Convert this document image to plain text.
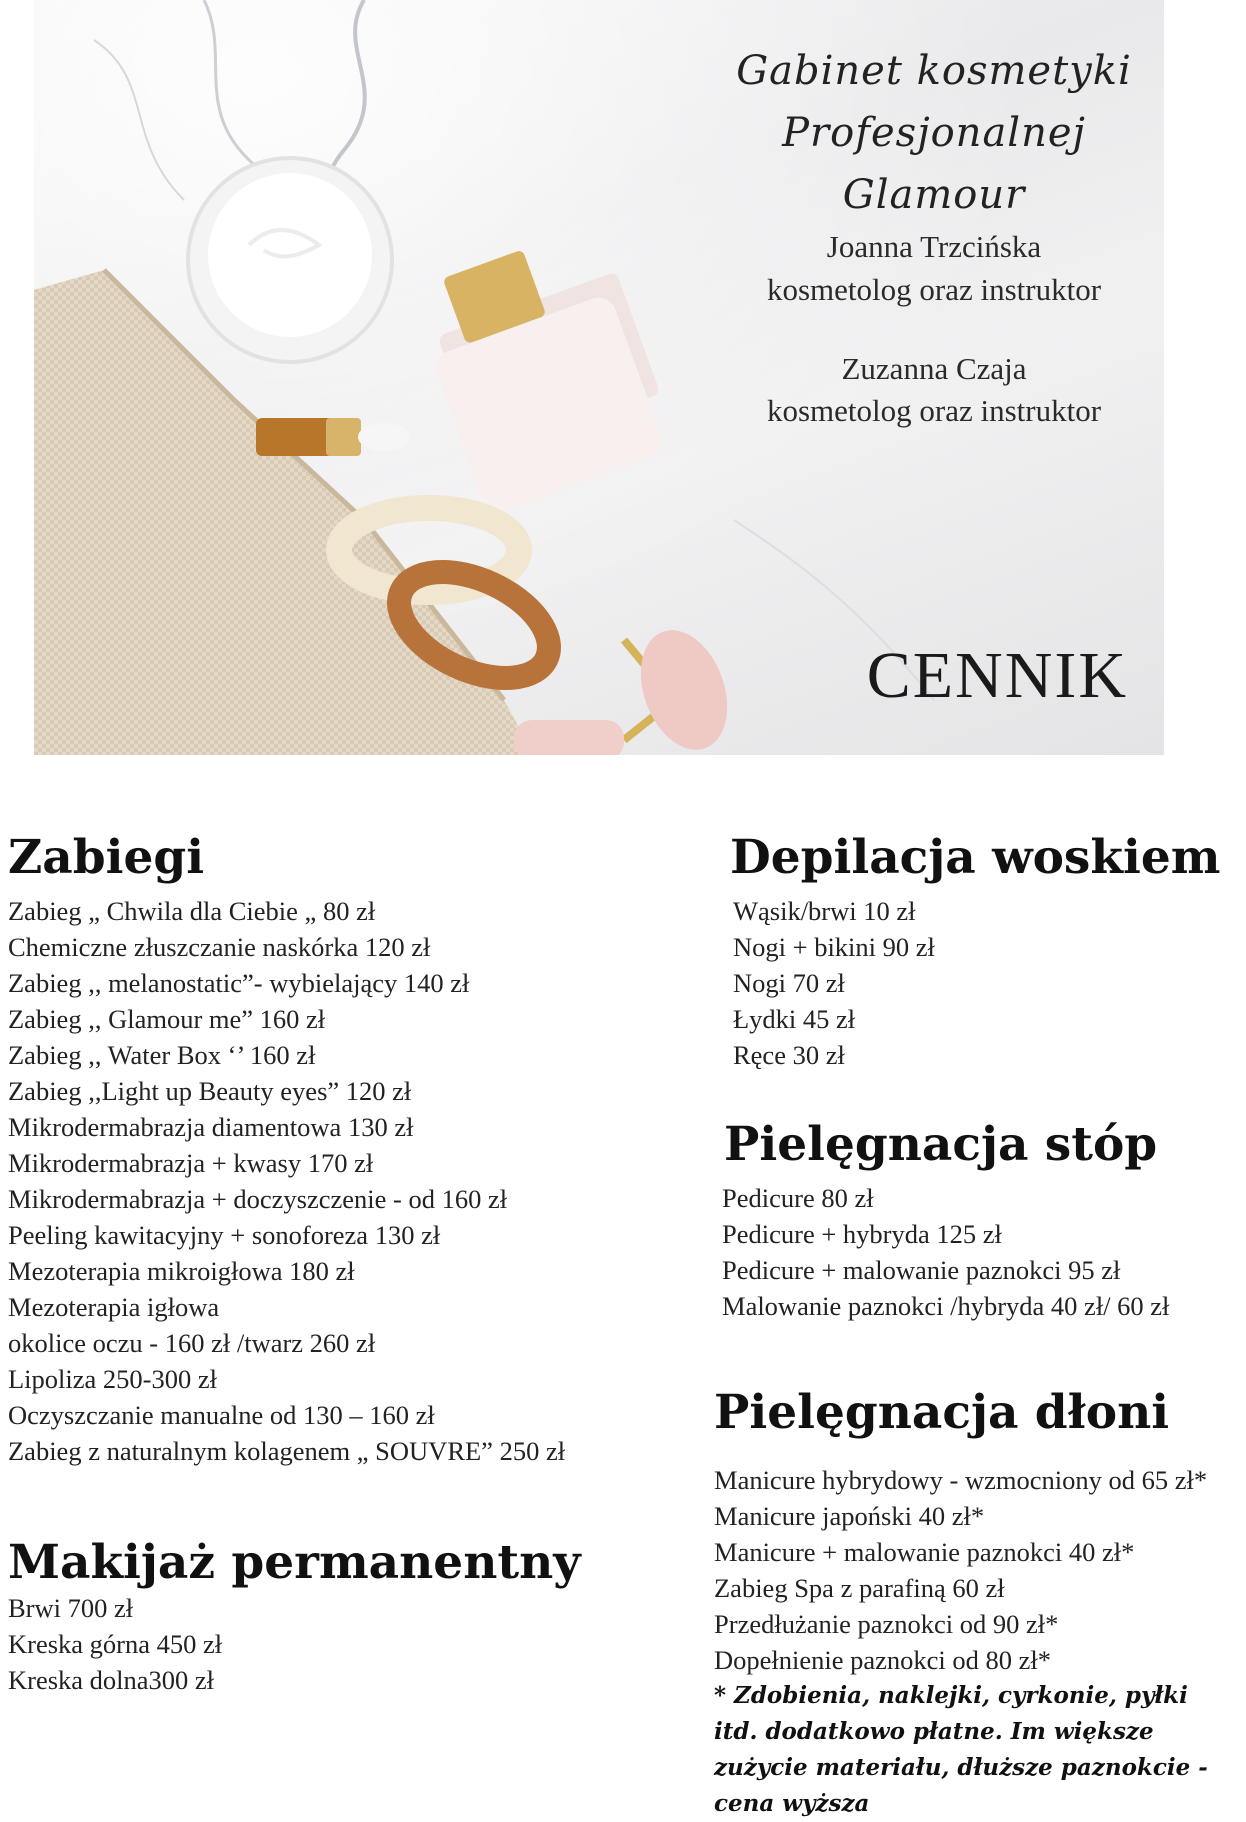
Gabinet kosmetyki
Profesjonalnej Glamour
Joanna Trzcińska
kosmetolog oraz instruktor
Zuzanna Czaja
kosmetolog oraz instruktor
CENNIK
Zabiegi
Zabieg „ Chwila dla Ciebie „ 80 zł
Chemiczne złuszczanie naskórka 120 zł
Zabieg ,, melanostatic”- wybielający 140 zł
Zabieg ,, Glamour me” 160 zł
Zabieg ,, Water Box ‘’ 160 zł
Zabieg ,,Light up Beauty eyes” 120 zł
Mikrodermabrazja diamentowa 130 zł
Mikrodermabrazja + kwasy 170 zł
Mikrodermabrazja + doczyszczenie - od 160 zł
Peeling kawitacyjny + sonoforeza 130 zł
Mezoterapia mikroigłowa 180 zł
Mezoterapia igłowa
okolice oczu - 160 zł /twarz 260 zł
Lipoliza 250-300 zł
Oczyszczanie manualne od 130 – 160 zł
Zabieg z naturalnym kolagenem „ SOUVRE” 250 zł
Makijaż permanentny
Brwi 700 zł
Kreska górna 450 zł
Kreska dolna300 zł
Depilacja woskiem
Wąsik/brwi 10 zł
Nogi + bikini 90 zł
Nogi 70 zł
Łydki 45 zł
Ręce 30 zł
Pielęgnacja stóp
Pedicure 80 zł
Pedicure + hybryda 125 zł
Pedicure + malowanie paznokci 95 zł
Malowanie paznokci /hybryda 40 zł/ 60 zł
Pielęgnacja dłoni
Manicure hybrydowy - wzmocniony od 65 zł*
Manicure japoński 40 zł*
Manicure + malowanie paznokci 40 zł*
Zabieg Spa z parafiną 60 zł
Przedłużanie paznokci od 90 zł*
Dopełnienie paznokci od 80 zł*
* Zdobienia, naklejki, cyrkonie, pyłki itd. dodatkowo płatne. Im większe zużycie materiału, dłuższe paznokcie - cena wyższa
